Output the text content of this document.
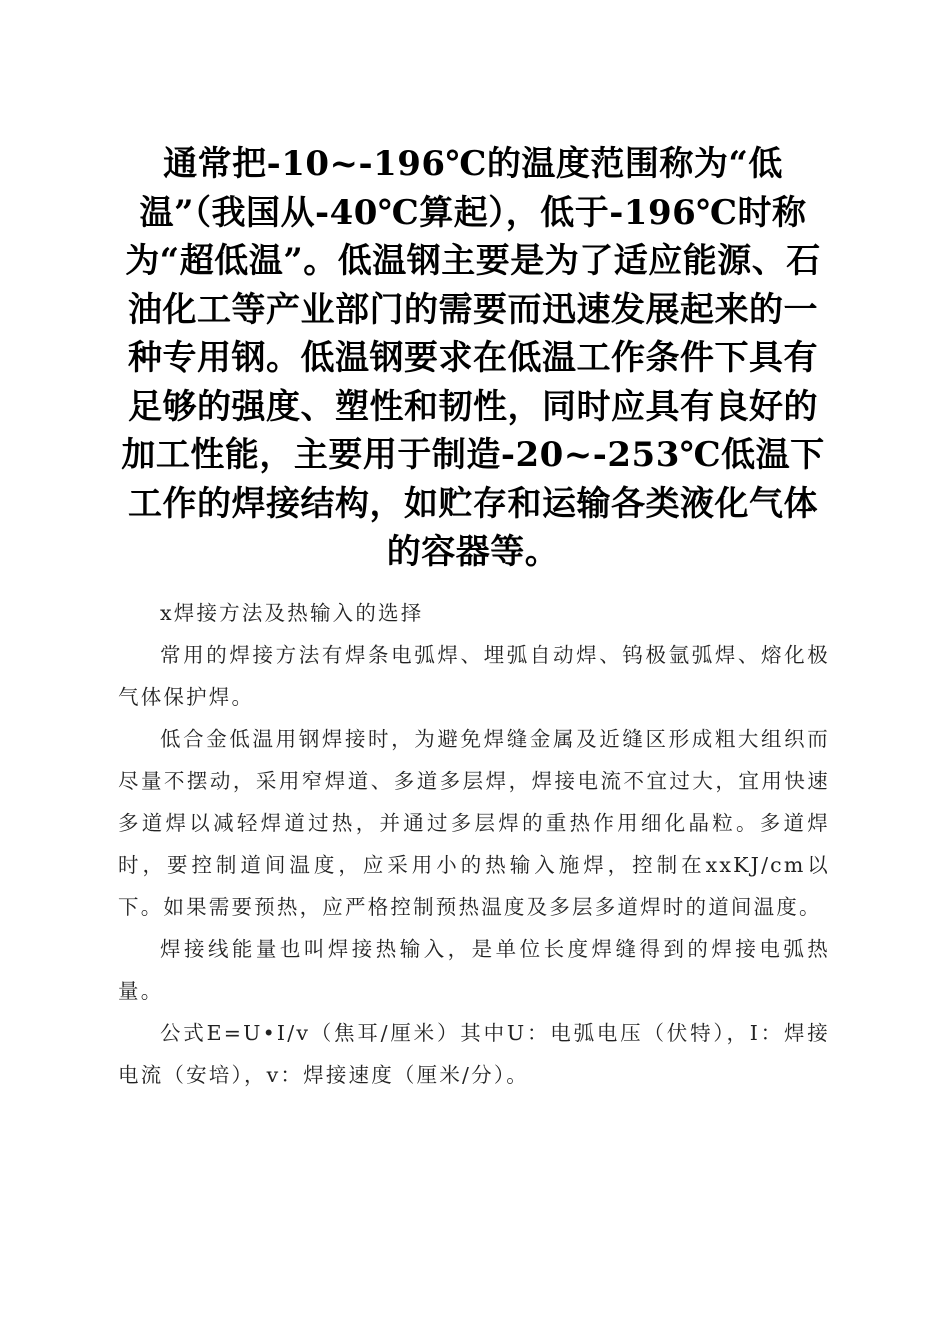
通常把-10~-196℃的温度范围称为“低温”（我国从-40℃算起），低于-196℃时称为“超低温”。低温钢主要是为了适应能源、石油化工等产业部门的需要而迅速发展起来的一种专用钢。低温钢要求在低温工作条件下具有足够的强度、塑性和韧性，同时应具有良好的加工性能，主要用于制造-20~-253℃低温下工作的焊接结构，如贮存和运输各类液化气体的容器等。

x焊接方法及热输入的选择

常用的焊接方法有焊条电弧焊、埋弧自动焊、钨极氩弧焊、熔化极气体保护焊。

低合金低温用钢焊接时，为避免焊缝金属及近缝区形成粗大组织而尽量不摆动，采用窄焊道、多道多层焊，焊接电流不宜过大，宜用快速多道焊以减轻焊道过热，并通过多层焊的重热作用细化晶粒。多道焊时，要控制道间温度，应采用小的热输入施焊，控制在xxKJ/cm以下。如果需要预热，应严格控制预热温度及多层多道焊时的道间温度。

焊接线能量也叫焊接热输入，是单位长度焊缝得到的焊接电弧热量。

公式E=U•I/v（焦耳/厘米）其中U：电弧电压（伏特），I：焊接电流（安培），v：焊接速度（厘米/分）。
